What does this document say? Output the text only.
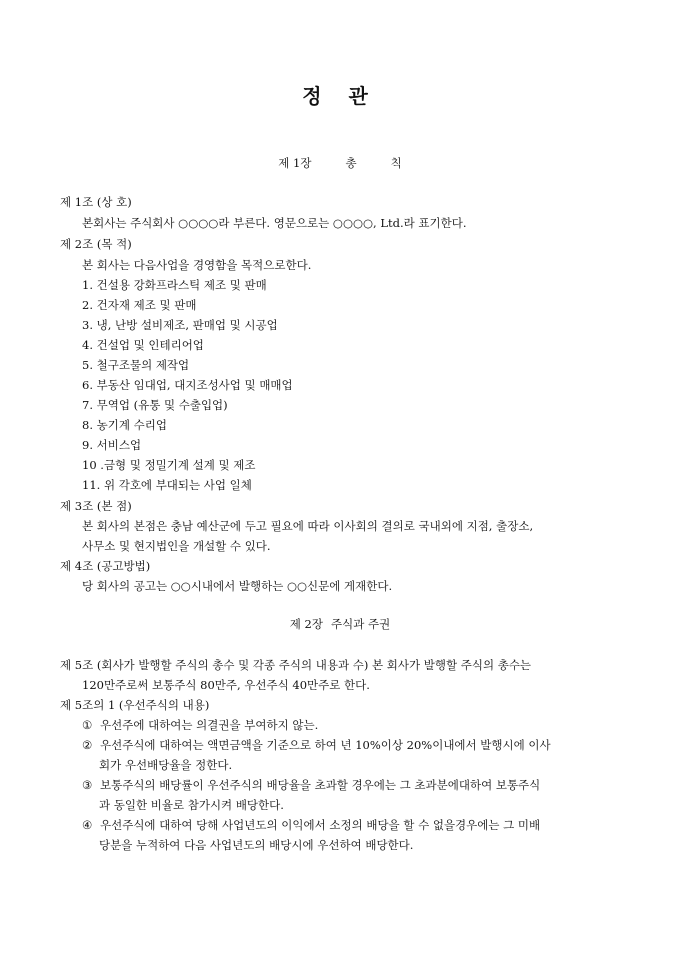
정 관
제 1장	총	칙
제 1조 (상 호)
본회사는 주식회사 ○○○○라 부른다. 영문으로는 ○○○○, Ltd.라 표기한다.
제 2조 (목 적)
본 회사는 다음사업을 경영함을 목적으로한다.
1. 건설용 강화프라스틱 제조 및 판매
2. 건자재 제조 및 판매
3. 냉, 난방 설비제조, 판매업 및 시공업
4. 건설업 및 인테리어업
5. 철구조물의 제작업
6. 부동산 임대업, 대지조성사업 및 매매업
7. 무역업 (유통 및 수출입업)
8. 농기계 수리업
9. 서비스업
10 .금형 및 정밀기계 설계 및 제조
11. 위 각호에 부대되는 사업 일체
제 3조 (본 점)
본 회사의 본점은 충남 예산군에 두고 필요에 따라 이사회의 결의로 국내외에 지점, 출장소,
사무소 및 현지법인을 개설할 수 있다.
제 4조 (공고방법)
당 회사의 공고는 ○○시내에서 발행하는 ○○신문에 게재한다.
제 2장 주식과 주권
제 5조 (회사가 발행할 주식의 총수 및 각종 주식의 내용과 수) 본 회사가 발행할 주식의 총수는
120만주로써 보통주식 80만주, 우선주식 40만주로 한다.
제 5조의 1 (우선주식의 내용)
① 우선주에 대하여는 의결권을 부여하지 않는.
② 우선주식에 대하여는 액면금액을 기준으로 하여 년 10%이상 20%이내에서 발행시에 이사
회가 우선배당율을 정한다.
③ 보통주식의 배당률이 우선주식의 배당율을 초과할 경우에는 그 초과분에대하여 보통주식
과 동일한 비율로 참가시켜 배당한다.
④ 우선주식에 대하여 당해 사업년도의 이익에서 소정의 배당을 할 수 없을경우에는 그 미배
당분을 누적하여 다음 사업년도의 배당시에 우선하여 배당한다.
